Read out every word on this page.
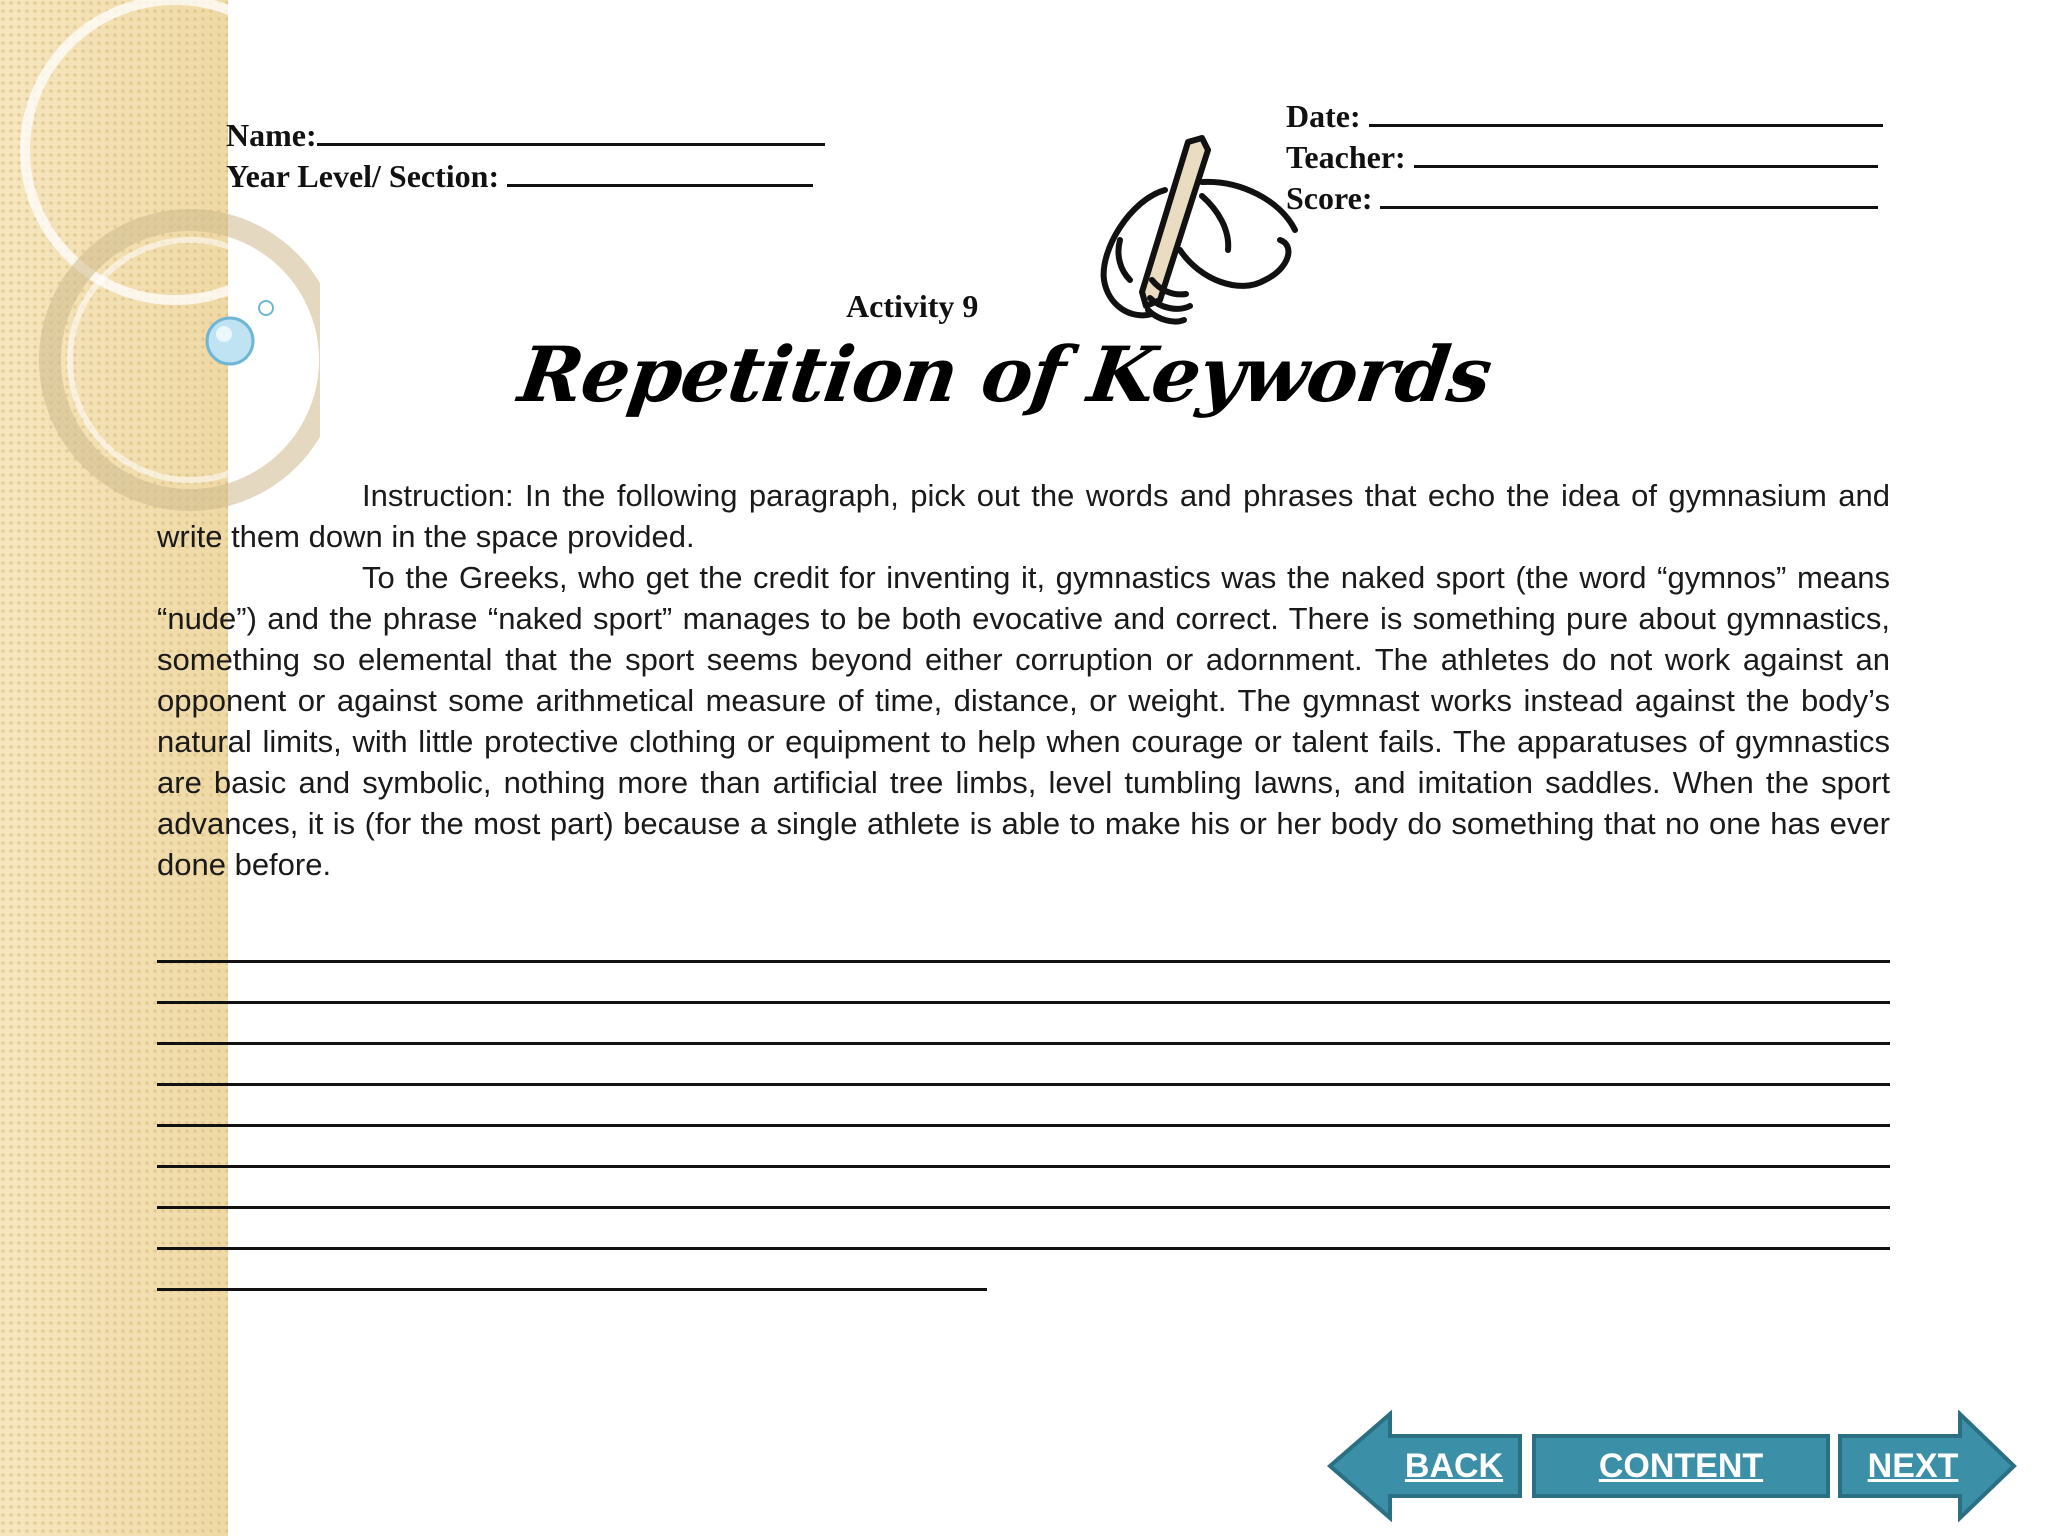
Name:
Year Level/ Section:
Date:
Teacher:
Score:
Activity 9
Repetition of Keywords

Instruction: In the following paragraph, pick out the words and phrases that echo the idea of gymnasium and write them down in the space provided.

To the Greeks, who get the credit for inventing it, gymnastics was the naked sport (the word “gymnos” means “nude”) and the phrase “naked sport” manages to be both evocative and correct. There is something pure about gymnastics, something so elemental that the sport seems beyond either corruption or adornment. The athletes do not work against an opponent or against some arithmetical measure of time, distance, or weight. The gymnast works instead against the body’s natural limits, with little protective clothing or equipment to help when courage or talent fails. The apparatuses of gymnastics are basic and symbolic, nothing more than artificial tree limbs, level tumbling lawns, and imitation saddles. When the sport advances, it is (for the most part) because a single athlete is able to make his or her body do something that no one has ever done before.

BACK	CONTENT	NEXT
